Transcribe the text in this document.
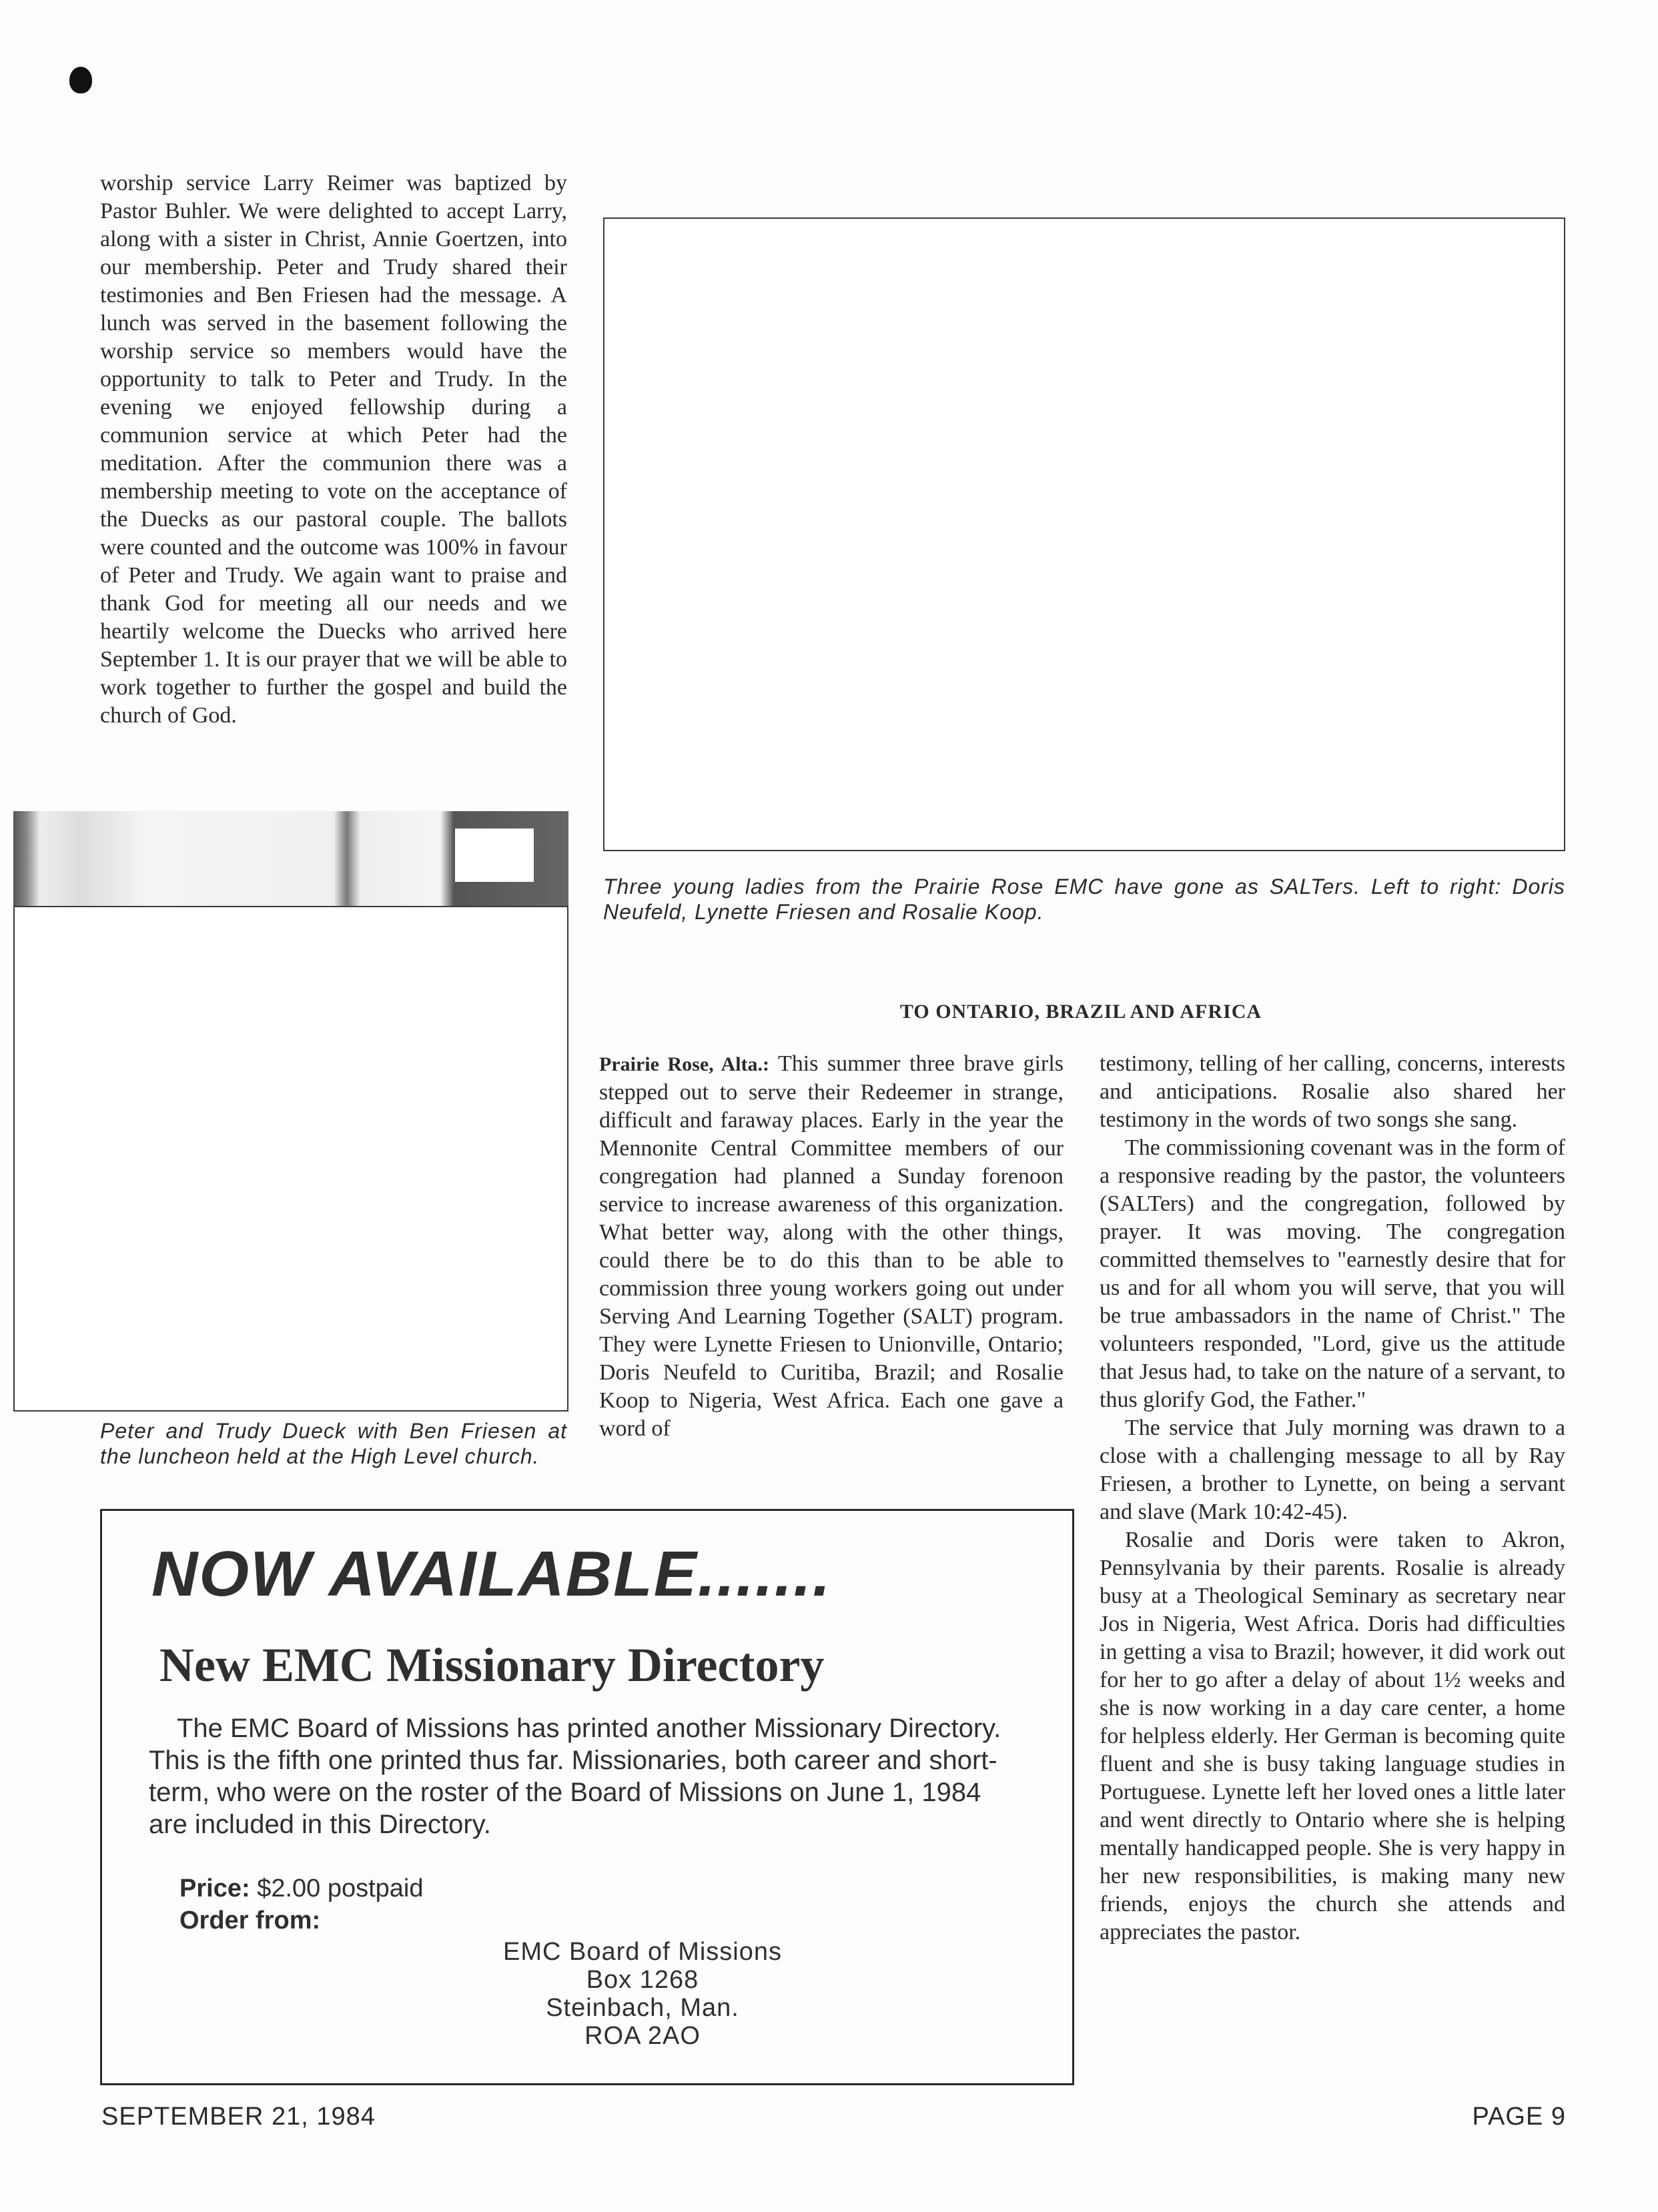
worship service Larry Reimer was baptized by Pastor Buhler. We were delighted to accept Larry, along with a sister in Christ, Annie Goertzen, into our membership. Peter and Trudy shared their testimonies and Ben Friesen had the message. A lunch was served in the basement following the worship service so members would have the opportunity to talk to Peter and Trudy. In the evening we enjoyed fellowship during a communion service at which Peter had the meditation. After the communion there was a membership meeting to vote on the acceptance of the Duecks as our pastoral couple. The ballots were counted and the outcome was 100% in favour of Peter and Trudy. We again want to praise and thank God for meeting all our needs and we heartily welcome the Duecks who arrived here September 1. It is our prayer that we will be able to work together to further the gospel and build the church of God.

Peter and Trudy Dueck with Ben Friesen at the luncheon held at the High Level church.
Three young ladies from the Prairie Rose EMC have gone as SALTers. Left to right: Doris Neufeld, Lynette Friesen and Rosalie Koop.
TO ONTARIO, BRAZIL AND AFRICA

Prairie Rose, Alta.: This summer three brave girls stepped out to serve their Redeemer in strange, difficult and faraway places. Early in the year the Mennonite Central Committee members of our congregation had planned a Sunday forenoon service to increase awareness of this organization. What better way, along with the other things, could there be to do this than to be able to commission three young workers going out under Serving And Learning Together (SALT) program. They were Lynette Friesen to Unionville, Ontario; Doris Neufeld to Curitiba, Brazil; and Rosalie Koop to Nigeria, West Africa. Each one gave a word of

testimony, telling of her calling, concerns, interests and anticipations. Rosalie also shared her testimony in the words of two songs she sang.

The commissioning covenant was in the form of a responsive reading by the pastor, the volunteers (SALTers) and the congregation, followed by prayer. It was moving. The congregation committed themselves to "earnestly desire that for us and for all whom you will serve, that you will be true ambassadors in the name of Christ." The volunteers responded, "Lord, give us the attitude that Jesus had, to take on the nature of a servant, to thus glorify God, the Father."

The service that July morning was drawn to a close with a challenging message to all by Ray Friesen, a brother to Lynette, on being a servant and slave (Mark 10:42-45).

Rosalie and Doris were taken to Akron, Pennsylvania by their parents. Rosalie is already busy at a Theological Seminary as secretary near Jos in Nigeria, West Africa. Doris had difficulties in getting a visa to Brazil; however, it did work out for her to go after a delay of about 1½ weeks and she is now working in a day care center, a home for helpless elderly. Her German is becoming quite fluent and she is busy taking language studies in Portuguese. Lynette left her loved ones a little later and went directly to Ontario where she is helping mentally handicapped people. She is very happy in her new responsibilities, is making many new friends, enjoys the church she attends and appreciates the pastor.

NOW AVAILABLE.......
New EMC Missionary Directory
The EMC Board of Missions has printed another Missionary Directory. This is the fifth one printed thus far. Missionaries, both career and short-term, who were on the roster of the Board of Missions on June 1, 1984 are included in this Directory.
Price: $2.00 postpaid
Order from:
EMC Board of Missions
Box 1268
Steinbach, Man.
ROA 2AO
SEPTEMBER 21, 1984	PAGE 9
